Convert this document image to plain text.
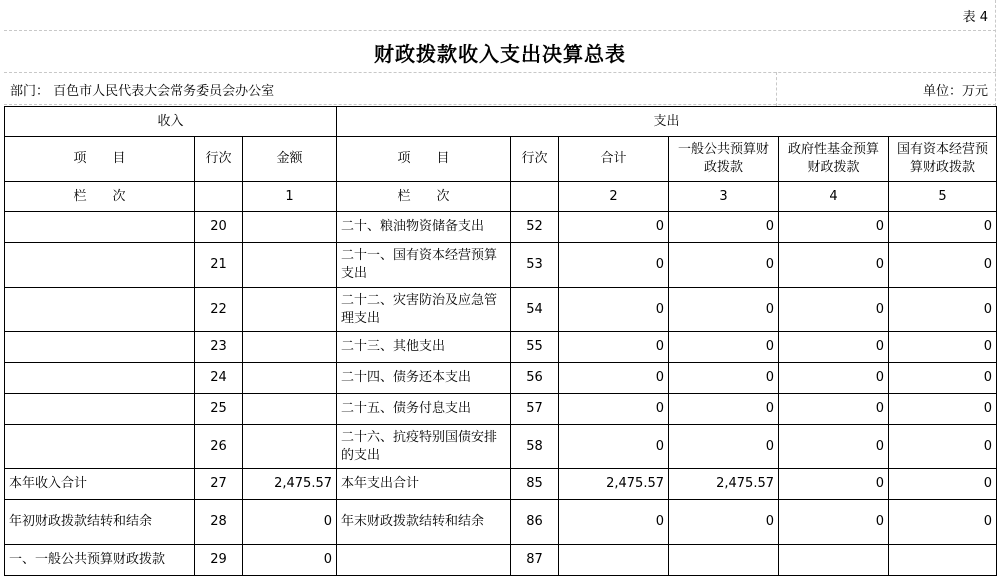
表 4
财政拨款收入支出决算总表
部门： 百色市人民代表大会常务委员会办公室	单位：万元
收入			支出					
项　　目	行次	金额	项　　目	行次	合计	一般公共预算财政拨款	政府性基金预算财政拨款	国有资本经营预算财政拨款
栏　　次		1	栏　　次		2	3	4	5
	20		二十、粮油物资储备支出	52	0	0	0	0
	21		二十一、国有资本经营预算支出	53	0	0	0	0
	22		二十二、灾害防治及应急管理支出	54	0	0	0	0
	23		二十三、其他支出	55	0	0	0	0
	24		二十四、债务还本支出	56	0	0	0	0
	25		二十五、债务付息支出	57	0	0	0	0
	26		二十六、抗疫特别国债安排的支出	58	0	0	0	0
本年收入合计	27	2,475.57	本年支出合计	85	2,475.57	2,475.57	0	0
年初财政拨款结转和结余	28	0	年末财政拨款结转和结余	86	0	0	0	0
一、一般公共预算财政拨款	29	0		87				
